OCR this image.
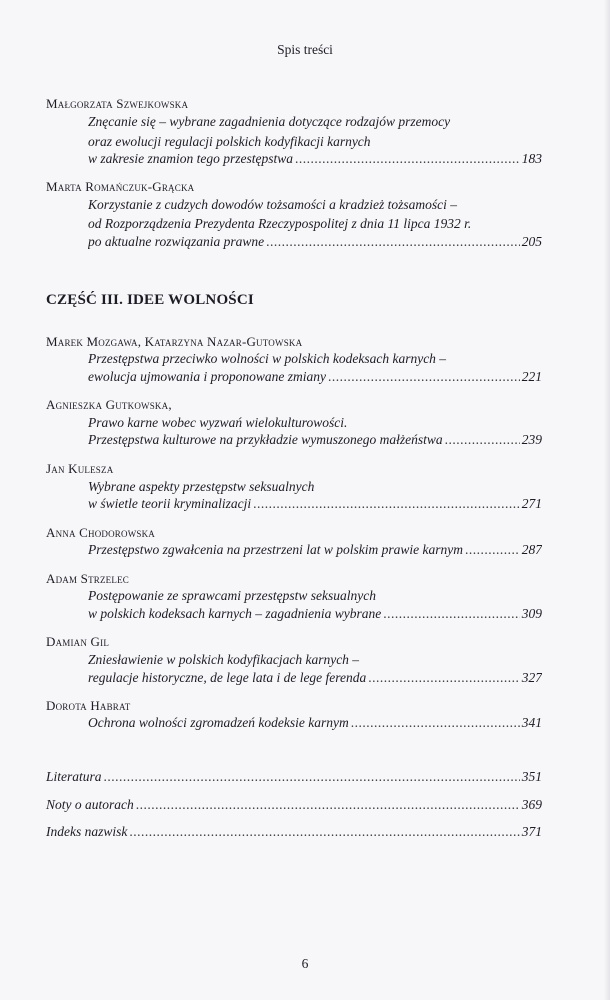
Spis treści
Małgorzata Szwejkowska
Znęcanie się – wybrane zagadnienia dotyczące rodzajów przemocy
oraz ewolucji regulacji polskich kodyfikacji karnych
w zakresie znamion tego przestępstwa .....	183
Marta Romańczuk-Grącka
Korzystanie z cudzych dowodów tożsamości a kradzież tożsamości –
od Rozporządzenia Prezydenta Rzeczypospolitej z dnia 11 lipca 1932 r.
po aktualne rozwiązania prawne .....	205
CZĘŚĆ III. IDEE WOLNOŚCI
Marek Mozgawa, Katarzyna Nazar-Gutowska
Przestępstwa przeciwko wolności w polskich kodeksach karnych –
ewolucja ujmowania i proponowane zmiany .....	221
Agnieszka Gutkowska,
Prawo karne wobec wyzwań wielokulturowości.
Przestępstwa kulturowe na przykładzie wymuszonego małżeństwa .....	239
Jan Kulesza
Wybrane aspekty przestępstw seksualnych
w świetle teorii kryminalizacji .....	271
Anna Chodorowska
Przestępstwo zgwałcenia na przestrzeni lat w polskim prawie karnym .....	287
Adam Strzelec
Postępowanie ze sprawcami przestępstw seksualnych
w polskich kodeksach karnych – zagadnienia wybrane .....	309
Damian Gil
Zniesławienie w polskich kodyfikacjach karnych –
regulacje historyczne, de lege lata i de lege ferenda .....	327
Dorota Habrat
Ochrona wolności zgromadzeń kodeksie karnym .....	341
Literatura .....	351
Noty o autorach .....	369
Indeks nazwisk .....	371
6
